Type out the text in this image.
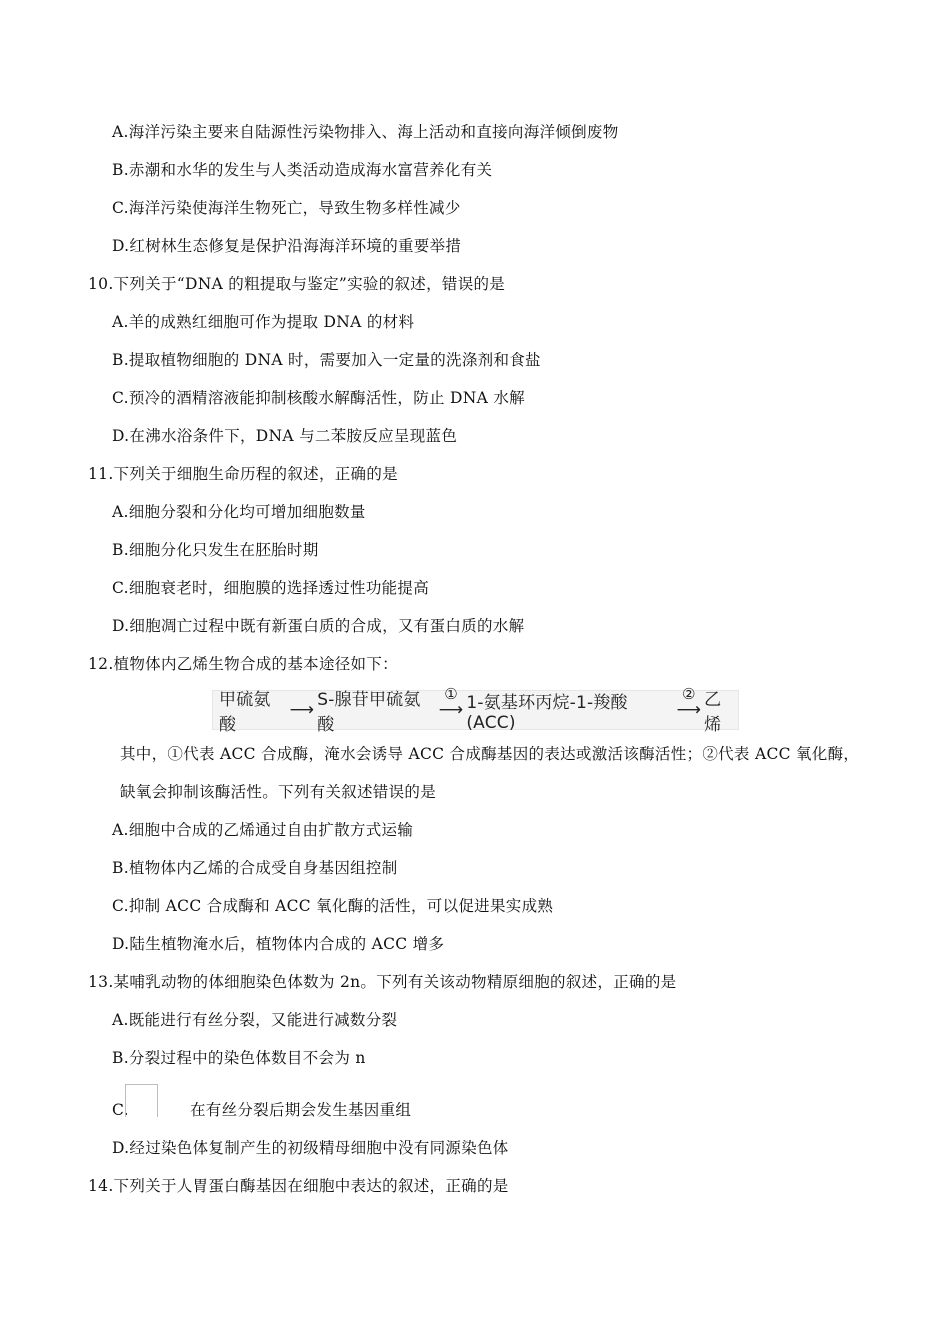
A.海洋污染主要来自陆源性污染物排入、海上活动和直接向海洋倾倒废物
B.赤潮和水华的发生与人类活动造成海水富营养化有关
C.海洋污染使海洋生物死亡，导致生物多样性减少
D.红树林生态修复是保护沿海海洋环境的重要举措
10.下列关于“DNA 的粗提取与鉴定”实验的叙述，错误的是
A.羊的成熟红细胞可作为提取 DNA 的材料
B.提取植物细胞的 DNA 时，需要加入一定量的洗涤剂和食盐
C.预冷的酒精溶液能抑制核酸水解酶活性，防止 DNA 水解
D.在沸水浴条件下，DNA 与二苯胺反应呈现蓝色
11.下列关于细胞生命历程的叙述，正确的是
A.细胞分裂和分化均可增加细胞数量
B.细胞分化只发生在胚胎时期
C.细胞衰老时，细胞膜的选择透过性功能提高
D.细胞凋亡过程中既有新蛋白质的合成，又有蛋白质的水解
12.植物体内乙烯生物合成的基本途径如下：
甲硫氨酸
⟶ S-腺苷甲硫氨酸
①
⟶ 1-氨基环丙烷-1-羧酸(ACC)
②
⟶ 乙烯
其中，①代表 ACC 合成酶，淹水会诱导 ACC 合成酶基因的表达或激活该酶活性；②代表 ACC 氧化酶，
缺氧会抑制该酶活性。下列有关叙述错误的是
A.细胞中合成的乙烯通过自由扩散方式运输
B.植物体内乙烯的合成受自身基因组控制
C.抑制 ACC 合成酶和 ACC 氧化酶的活性，可以促进果实成熟
D.陆生植物淹水后，植物体内合成的 ACC 增多
13.某哺乳动物的体细胞染色体数为 2n。下列有关该动物精原细胞的叙述，正确的是
A.既能进行有丝分裂，又能进行减数分裂
B.分裂过程中的染色体数目不会为 n
C.	在有丝分裂后期会发生基因重组
D.经过染色体复制产生的初级精母细胞中没有同源染色体
14.下列关于人胃蛋白酶基因在细胞中表达的叙述，正确的是
